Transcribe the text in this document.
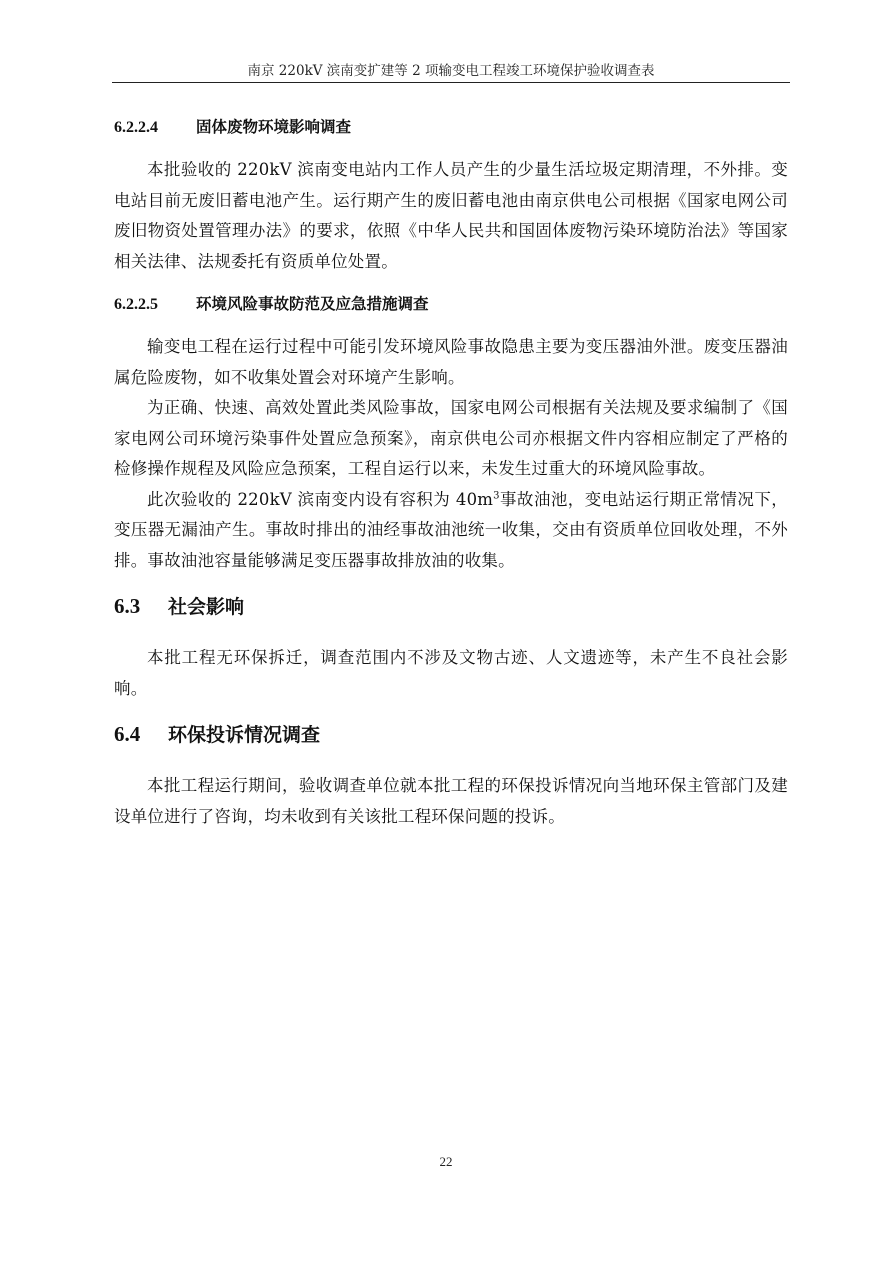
南京 220kV 滨南变扩建等 2 项输变电工程竣工环境保护验收调查表
6.2.2.4 固体废物环境影响调查

本批验收的 220kV 滨南变电站内工作人员产生的少量生活垃圾定期清理，不外排。变电站目前无废旧蓄电池产生。运行期产生的废旧蓄电池由南京供电公司根据《国家电网公司废旧物资处置管理办法》的要求，依照《中华人民共和国固体废物污染环境防治法》等国家相关法律、法规委托有资质单位处置。

6.2.2.5 环境风险事故防范及应急措施调查

输变电工程在运行过程中可能引发环境风险事故隐患主要为变压器油外泄。废变压器油属危险废物，如不收集处置会对环境产生影响。

为正确、快速、高效处置此类风险事故，国家电网公司根据有关法规及要求编制了《国家电网公司环境污染事件处置应急预案》，南京供电公司亦根据文件内容相应制定了严格的检修操作规程及风险应急预案，工程自运行以来，未发生过重大的环境风险事故。

此次验收的 220kV 滨南变内设有容积为 $40m^3$事故油池，变电站运行期正常情况下，变压器无漏油产生。事故时排出的油经事故油池统一收集，交由有资质单位回收处理，不外排。事故油池容量能够满足变压器事故排放油的收集。

6.3 社会影响

本批工程无环保拆迁，调查范围内不涉及文物古迹、人文遗迹等，未产生不良社会影响。

6.4 环保投诉情况调查

本批工程运行期间，验收调查单位就本批工程的环保投诉情况向当地环保主管部门及建设单位进行了咨询，均未收到有关该批工程环保问题的投诉。

22
